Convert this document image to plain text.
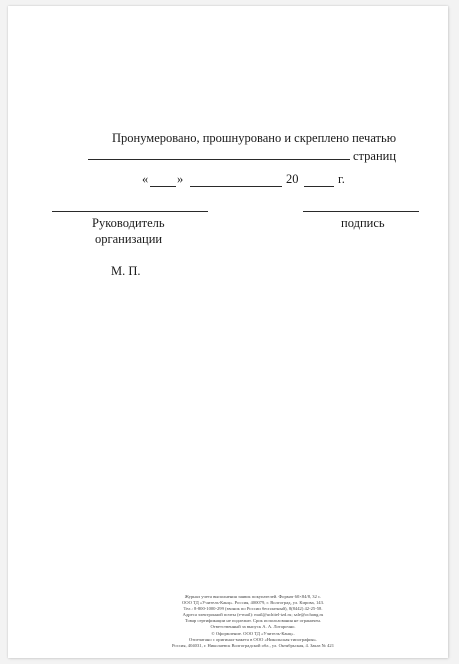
Пронумеровано, прошнуровано и скреплено печатью
страниц
« »	20	г.
Руководитель
организации
подпись
М. П.
Журнал учета выполнения заявок покупателей. Формат 60×84/8, 32 с.
ООО ТД «Учитель-Канц». Россия, 400079, г. Волгоград, ул. Кирова, 143.
Тел.: 8-800-1000-299 (звонок по России бесплатный), 8(8442) 42-25-58.
Адреса электронной почты (e-mail): mail@uchitel-izd.ru; sale@ochang.ru
Товар сертификации не подлежит. Срок использования не ограничен.
Ответственный за выпуск А. А. Лотарочно.
© Оформление. ООО ТД «Учитель-Канц».
Отпечатано с оригинал-макета в ООО «Никольская типография».
Россия, 404031, г. Николаевск Волгоградской обл., ул. Октябрьская, 4. Заказ № 421
